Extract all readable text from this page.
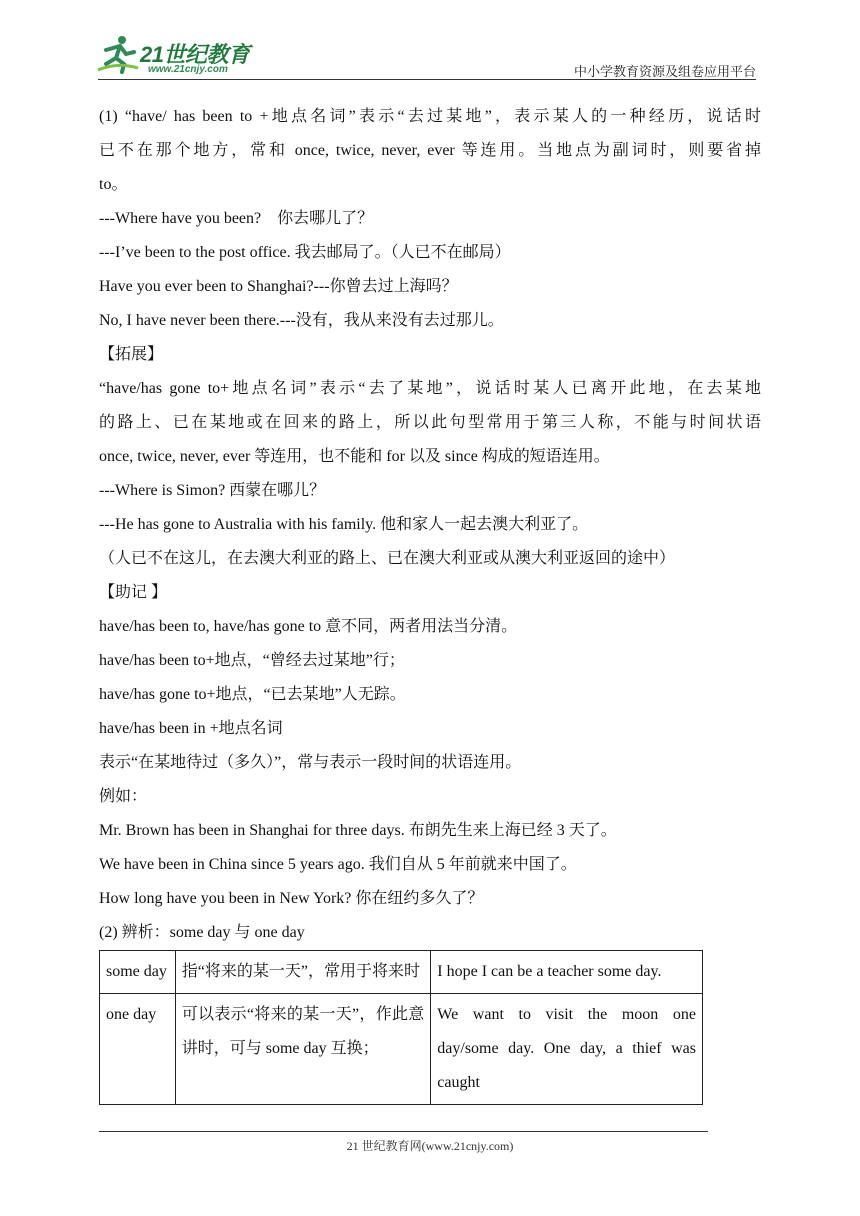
21世纪教育
www.21cnjy.com	中小学教育资源及组卷应用平台
(1) “have/ has been to +地点名词”表示“去过某地”，表示某人的一种经历，说话时
已不在那个地方，常和 once, twice, never, ever 等连用。当地点为副词时，则要省掉
to。
---Where have you been?　你去哪儿了？
---I’ve been to the post office. 我去邮局了。（人已不在邮局）
Have you ever been to Shanghai?---你曾去过上海吗？
No, I have never been there.---没有，我从来没有去过那儿。
【拓展】
“have/has gone to+地点名词”表示“去了某地”，说话时某人已离开此地，在去某地
的路上、已在某地或在回来的路上，所以此句型常用于第三人称，不能与时间状语
once, twice, never, ever 等连用，也不能和 for 以及 since 构成的短语连用。
---Where is Simon? 西蒙在哪儿？
---He has gone to Australia with his family. 他和家人一起去澳大利亚了。
（人已不在这儿，在去澳大利亚的路上、已在澳大利亚或从澳大利亚返回的途中）
【助记 】
have/has been to, have/has gone to 意不同，两者用法当分清。
have/has been to+地点，“曾经去过某地”行；
have/has gone to+地点，“已去某地”人无踪。
have/has been in +地点名词
表示“在某地待过（多久）”，常与表示一段时间的状语连用。
例如：
Mr. Brown has been in Shanghai for three days. 布朗先生来上海已经 3 天了。
We have been in China since 5 years ago. 我们自从 5 年前就来中国了。
How long have you been in New York? 你在纽约多久了？
(2) 辨析：some day 与 one day
some day	指“将来的某一天”，常用于将来时	I hope I can be a teacher some day.
one day	可以表示“将来的某一天”，作此意讲时，可与 some day 互换；	We want to visit the moon one day/some day. One day, a thief was caught
21 世纪教育网(www.21cnjy.com)
